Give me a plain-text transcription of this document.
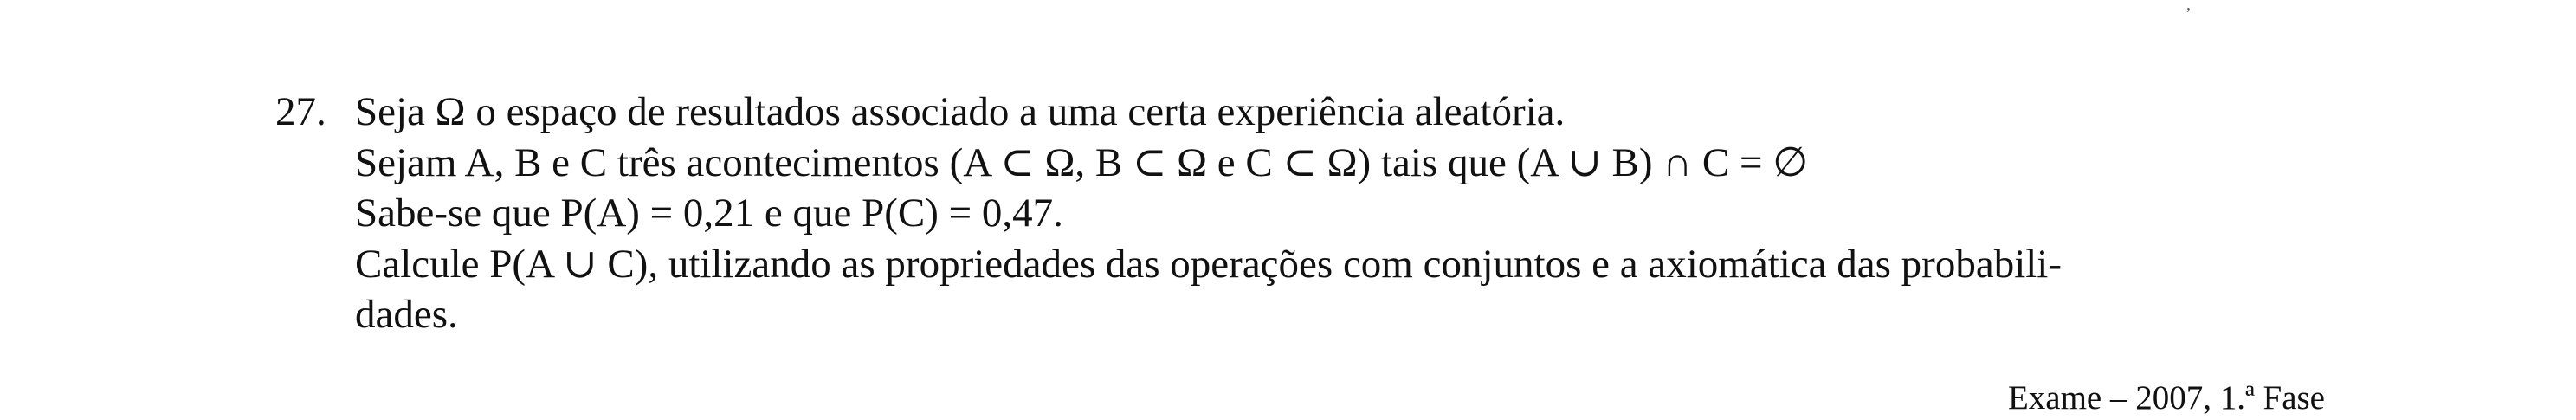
,
27. Seja Ω o espaço de resultados associado a uma certa experiência aleatória.
Sejam A, B e C três acontecimentos (A ⊂ Ω, B ⊂ Ω e C ⊂ Ω) tais que (A ∪ B) ∩ C = ∅
Sabe-se que P(A) = 0,21 e que P(C) = 0,47.
Calcule P(A ∪ C), utilizando as propriedades das operações com conjuntos e a axiomática das probabili-
dades.
Exame – 2007, 1.ª Fase
